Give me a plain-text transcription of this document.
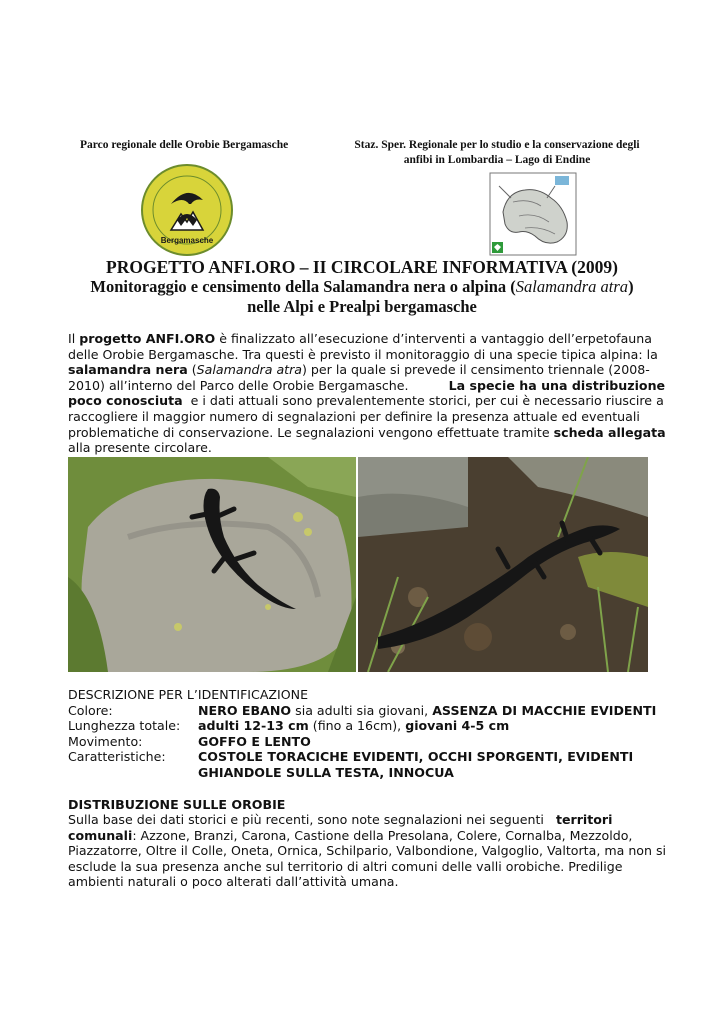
Parco regionale delle Orobie Bergamasche	Staz. Sper. Regionale per lo studio e la conservazione degli
anfibi in Lombardia – Lago di Endine
Bergamasche
PROGETTO ANFI.ORO – II CIRCOLARE INFORMATIVA (2009)
Monitoraggio e censimento della Salamandra nera o alpina (Salamandra atra)
nelle Alpi e Prealpi bergamasche
Il progetto ANFI.ORO è finalizzato all’esecuzione d’interventi a vantaggio dell’erpetofauna delle Orobie Bergamasche. Tra questi è previsto il monitoraggio di una specie tipica alpina: la salamandra nera (Salamandra atra) per la quale si prevede il censimento triennale (2008-2010) all’interno del Parco delle Orobie Bergamasche.          La specie ha una distribuzione poco conosciuta  e i dati attuali sono prevalentemente storici, per cui è necessario riuscire a raccogliere il maggior numero di segnalazioni per definire la presenza attuale ed eventuali problematiche di conservazione. Le segnalazioni vengono effettuate tramite scheda allegata alla presente circolare.
DESCRIZIONE PER L’IDENTIFICAZIONE
Colore:	NERO EBANO sia adulti sia giovani, ASSENZA DI MACCHIE EVIDENTI
Lunghezza totale:	adulti 12-13 cm (fino a 16cm), giovani 4-5 cm
Movimento:	GOFFO E LENTO
Caratteristiche:	COSTOLE TORACICHE EVIDENTI, OCCHI SPORGENTI, EVIDENTI GHIANDOLE SULLA TESTA, INNOCUA
DISTRIBUZIONE SULLE OROBIE
Sulla base dei dati storici e più recenti, sono note segnalazioni nei seguenti   territori comunali: Azzone, Branzi, Carona, Castione della Presolana, Colere, Cornalba, Mezzoldo, Piazzatorre, Oltre il Colle, Oneta, Ornica, Schilpario, Valbondione, Valgoglio, Valtorta, ma non si esclude la sua presenza anche sul territorio di altri comuni delle valli orobiche. Predilige ambienti naturali o poco alterati dall’attività umana.
